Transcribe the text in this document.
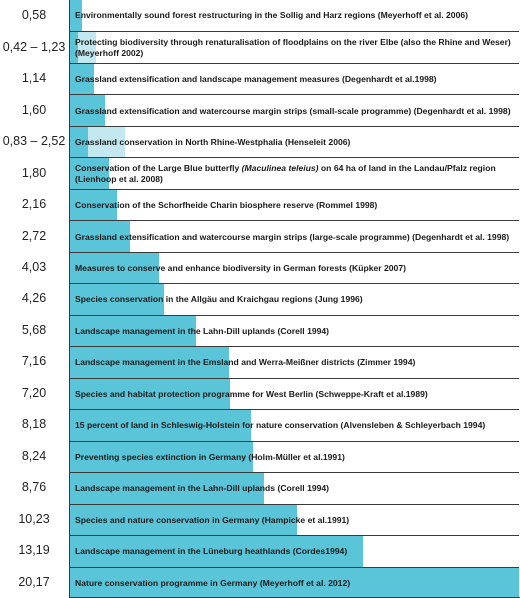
0,58	Environmentally sound forest restructuring in the Sollig and Harz regions (Meyerhoff et al. 2006)
0,42 – 1,23	Protecting biodiversity through renaturalisation of floodplains on the river Elbe (also the Rhine and Weser) (Meyerhoff 2002)
1,14	Grassland extensification and landscape management measures (Degenhardt et al.1998)
1,60	Grassland extensification and watercourse margin strips (small-scale programme) (Degenhardt et al. 1998)
0,83 – 2,52	Grassland conservation in North Rhine-Westphalia (Henseleit 2006)
1,80	Conservation of the Large Blue butterfly (Maculinea teleius) on 64 ha of land in the Landau/Pfalz region (Lienhoop et al. 2008)
2,16	Conservation of the Schorfheide Charin biosphere reserve (Rommel 1998)
2,72	Grassland extensification and watercourse margin strips (large-scale programme) (Degenhardt et al. 1998)
4,03	Measures to conserve and enhance biodiversity in German forests (Küpker 2007)
4,26	Species conservation in the Allgäu and Kraichgau regions (Jung 1996)
5,68	Landscape management in the Lahn-Dill uplands (Corell 1994)
7,16	Landscape management in the Emsland and Werra-Meißner districts (Zimmer 1994)
7,20	Species and habitat protection programme for West Berlin (Schweppe-Kraft et al.1989)
8,18	15 percent of land in Schleswig-Holstein for nature conservation (Alvensleben & Schleyerbach 1994)
8,24	Preventing species extinction in Germany (Holm-Müller et al.1991)
8,76	Landscape management in the Lahn-Dill uplands (Corell 1994)
10,23	Species and nature conservation in Germany (Hampicke et al.1991)
13,19	Landscape management in the Lüneburg heathlands (Cordes1994)
20,17	Nature conservation programme in Germany (Meyerhoff et al. 2012)
